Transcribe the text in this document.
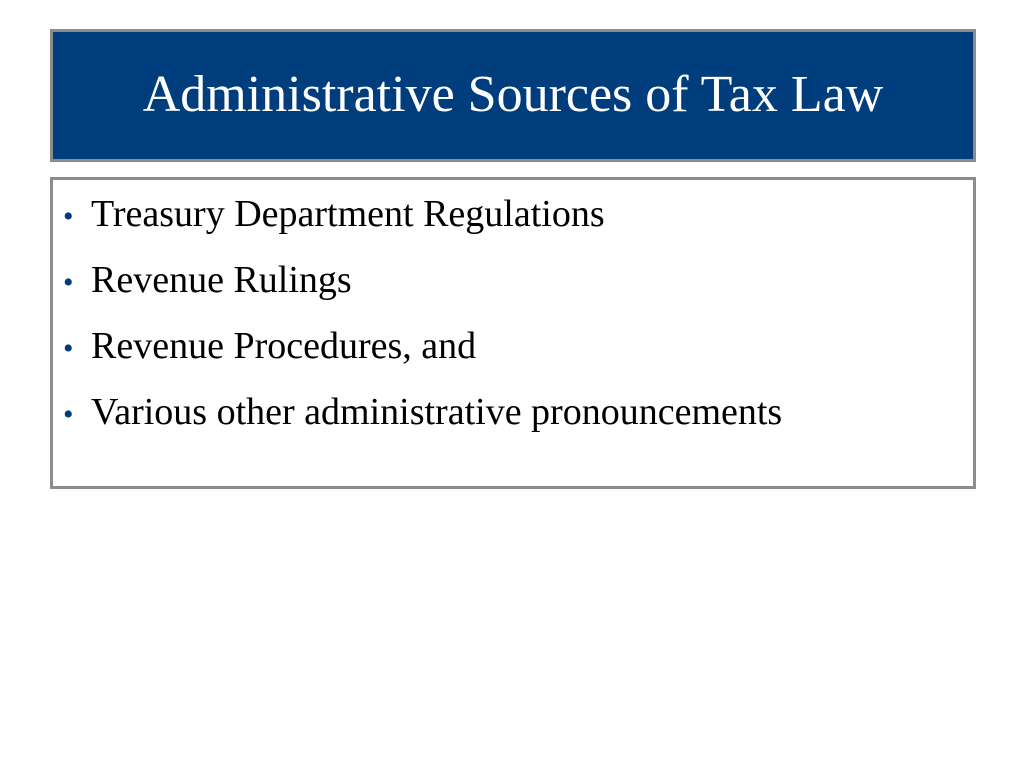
Administrative Sources of Tax Law
• Treasury Department Regulations
• Revenue Rulings
• Revenue Procedures, and
• Various other administrative pronouncements
